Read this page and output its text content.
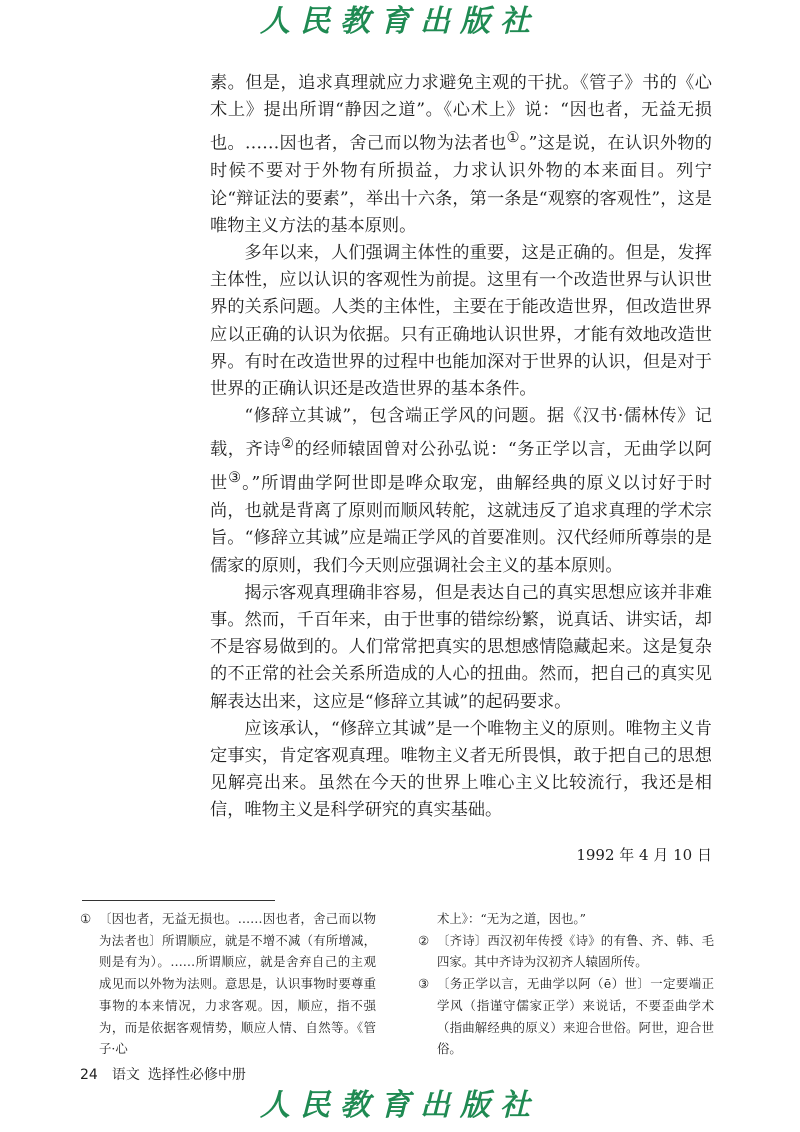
人民教育出版社

素。但是，追求真理就应力求避免主观的干扰。《管子》书的《心术上》提出所谓“静因之道”。《心术上》说：“因也者，无益无损也。……因也者，舍己而以物为法者也①。”这是说，在认识外物的时候不要对于外物有所损益，力求认识外物的本来面目。列宁论“辩证法的要素”，举出十六条，第一条是“观察的客观性”，这是唯物主义方法的基本原则。

多年以来，人们强调主体性的重要，这是正确的。但是，发挥主体性，应以认识的客观性为前提。这里有一个改造世界与认识世界的关系问题。人类的主体性，主要在于能改造世界，但改造世界应以正确的认识为依据。只有正确地认识世界，才能有效地改造世界。有时在改造世界的过程中也能加深对于世界的认识，但是对于世界的正确认识还是改造世界的基本条件。

“修辞立其诚”，包含端正学风的问题。据《汉书·儒林传》记载，齐诗②的经师辕固曾对公孙弘说：“务正学以言，无曲学以阿世③。”所谓曲学阿世即是哗众取宠，曲解经典的原义以讨好于时尚，也就是背离了原则而顺风转舵，这就违反了追求真理的学术宗旨。“修辞立其诚”应是端正学风的首要准则。汉代经师所尊崇的是儒家的原则，我们今天则应强调社会主义的基本原则。

揭示客观真理确非容易，但是表达自己的真实思想应该并非难事。然而，千百年来，由于世事的错综纷繁，说真话、讲实话，却不是容易做到的。人们常常把真实的思想感情隐藏起来。这是复杂的不正常的社会关系所造成的人心的扭曲。然而，把自己的真实见解表达出来，这应是“修辞立其诚”的起码要求。

应该承认，“修辞立其诚”是一个唯物主义的原则。唯物主义肯定事实，肯定客观真理。唯物主义者无所畏惧，敢于把自己的思想见解亮出来。虽然在今天的世界上唯心主义比较流行，我还是相信，唯物主义是科学研究的真实基础。

1992 年 4 月 10 日
① 〔因也者，无益无损也。……因也者，舍己而以物为法者也〕所谓顺应，就是不增不减（有所增减，则是有为）。……所谓顺应，就是舍弃自己的主观成见而以外物为法则。意思是，认识事物时要尊重事物的本来情况，力求客观。因，顺应，指不强为，而是依据客观情势，顺应人情、自然等。《管子·心
术上》：“无为之道，因也。”
② 〔齐诗〕西汉初年传授《诗》的有鲁、齐、韩、毛四家。其中齐诗为汉初齐人辕固所传。
③ 〔务正学以言，无曲学以阿（ē）世〕一定要端正学风（指谨守儒家正学）来说话，不要歪曲学术（指曲解经典的原义）来迎合世俗。阿世，迎合世俗。
24 语文 选择性必修中册
人民教育出版社
